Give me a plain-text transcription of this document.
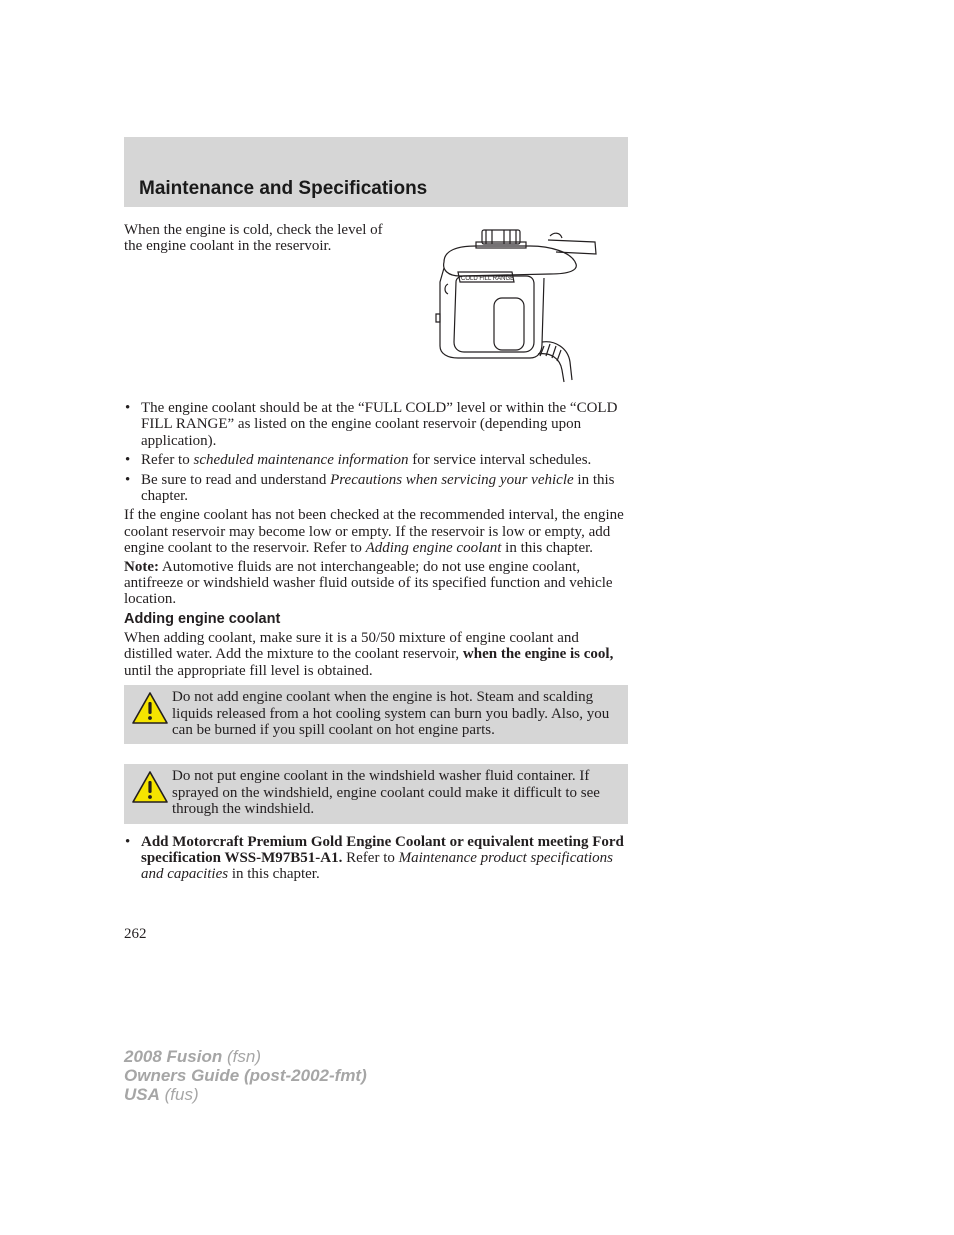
Maintenance and Specifications
When the engine is cold, check the level of the engine coolant in the reservoir.
COLD FILL RANGE
• The engine coolant should be at the “FULL COLD” level or within the “COLD FILL RANGE” as listed on the engine coolant reservoir (depending upon application).
• Refer to scheduled maintenance information for service interval schedules.
• Be sure to read and understand Precautions when servicing your vehicle in this chapter.

If the engine coolant has not been checked at the recommended interval, the engine coolant reservoir may become low or empty. If the reservoir is low or empty, add engine coolant to the reservoir. Refer to Adding engine coolant in this chapter.

Note: Automotive fluids are not interchangeable; do not use engine coolant, antifreeze or windshield washer fluid outside of its specified function and vehicle location.

Adding engine coolant

When adding coolant, make sure it is a 50/50 mixture of engine coolant and distilled water. Add the mixture to the coolant reservoir, when the engine is cool, until the appropriate fill level is obtained.

Do not add engine coolant when the engine is hot. Steam and scalding liquids released from a hot cooling system can burn you badly. Also, you can be burned if you spill coolant on hot engine parts.
Do not put engine coolant in the windshield washer fluid container. If sprayed on the windshield, engine coolant could make it difficult to see through the windshield.
• Add Motorcraft Premium Gold Engine Coolant or equivalent meeting Ford specification WSS-M97B51-A1. Refer to Maintenance product specifications and capacities in this chapter.
262
2008 Fusion (fsn)
Owners Guide (post-2002-fmt)
USA (fus)
